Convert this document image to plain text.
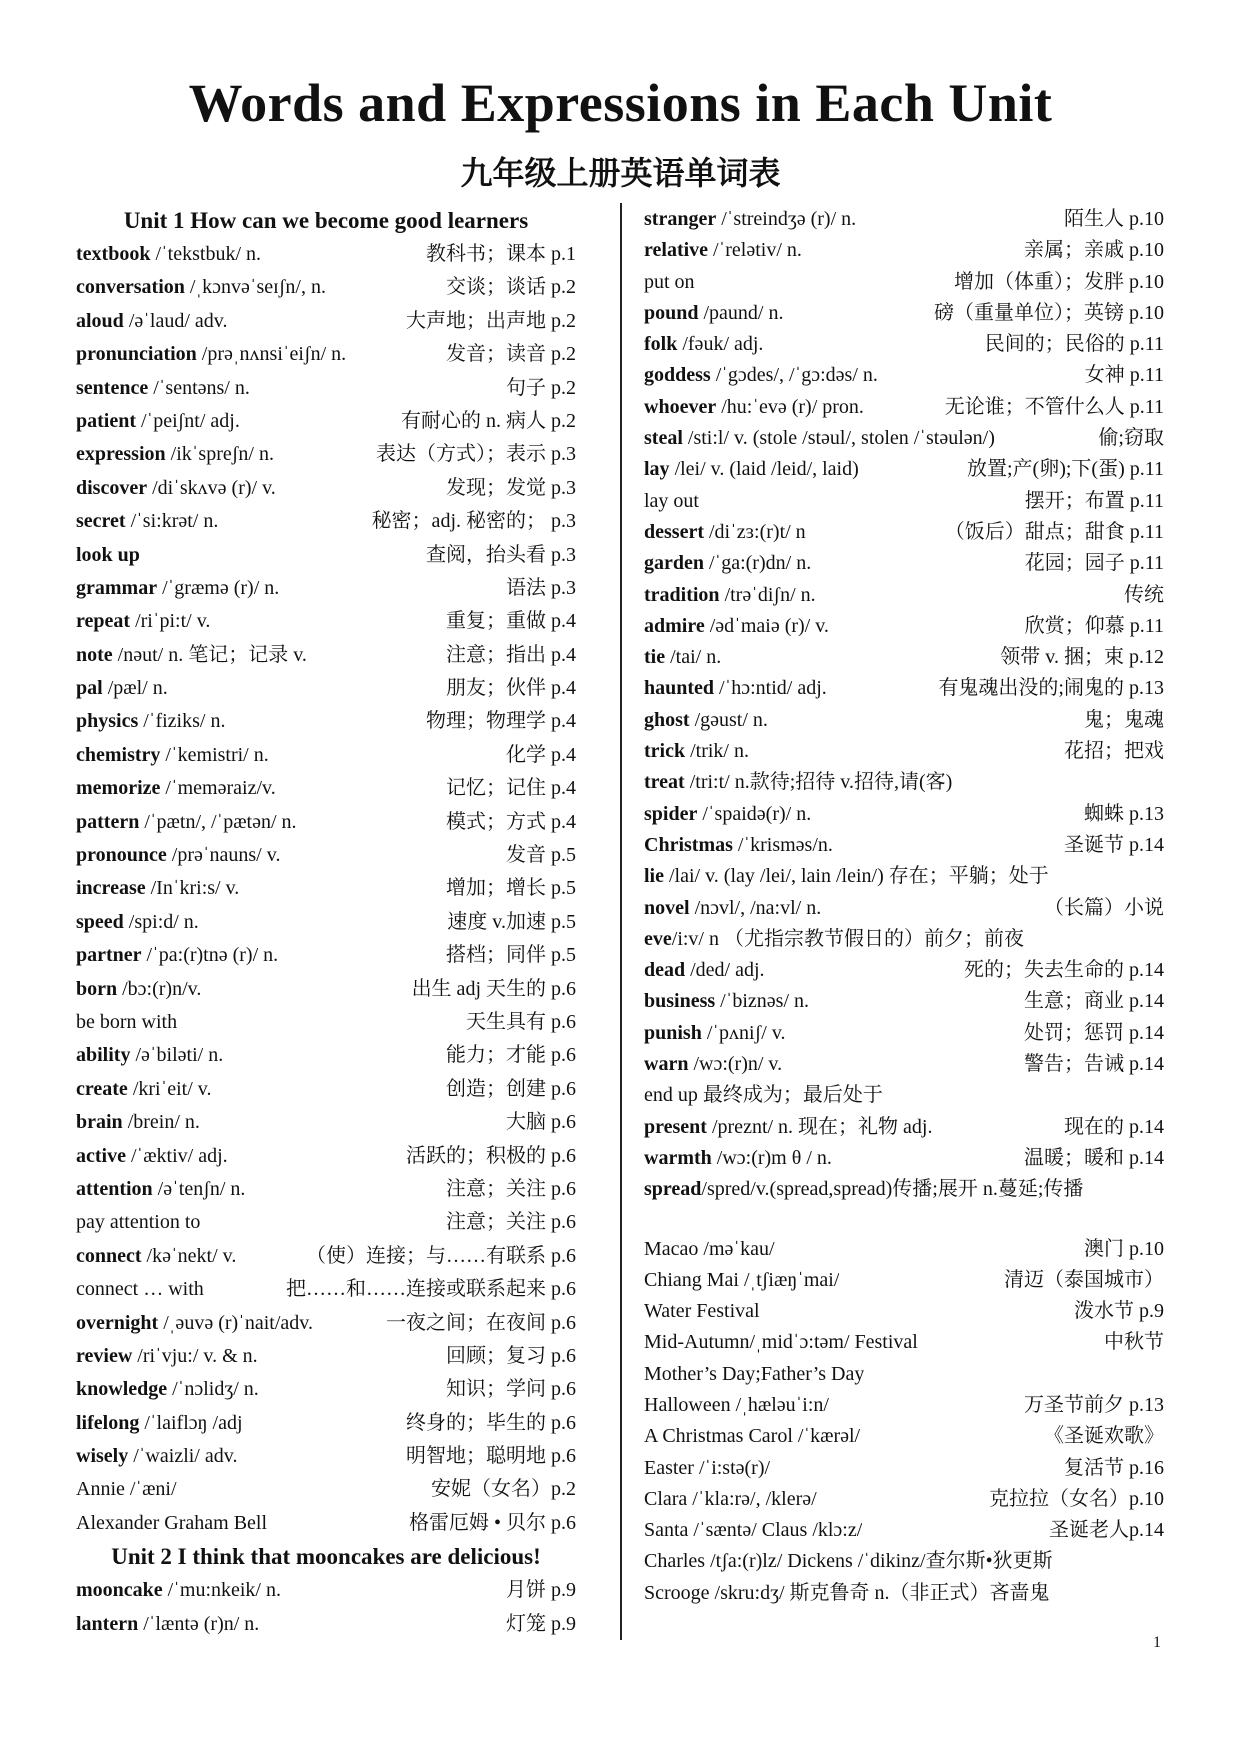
Words and Expressions in Each Unit
九年级上册英语单词表
Unit 1 How can we become good learners
textbook /ˈtekstbuk/ n.	教科书；课本 p.1
conversation /ˌkɔnvəˈseɪʃn/, n.	交谈；谈话 p.2
aloud /əˈlaud/ adv.	大声地；出声地 p.2
pronunciation /prəˌnʌnsiˈeiʃn/ n.	发音；读音 p.2
sentence /ˈsentəns/ n.	句子 p.2
patient /ˈpeiʃnt/ adj.	有耐心的 n. 病人 p.2
expression /ikˈspreʃn/ n.	表达（方式）；表示 p.3
discover /diˈskʌvə (r)/ v.	发现；发觉 p.3
secret /ˈsi:krət/ n.	秘密；adj. 秘密的； p.3
look up	查阅，抬头看 p.3
grammar /ˈgræmə (r)/ n.	语法 p.3
repeat /riˈpi:t/ v.	重复；重做 p.4
note /nəut/ n. 笔记；记录 v.	注意；指出 p.4
pal /pæl/ n.	朋友；伙伴 p.4
physics /ˈfiziks/ n.	物理；物理学 p.4
chemistry /ˈkemistri/ n.	化学 p.4
memorize /ˈmeməraiz/v.	记忆；记住 p.4
pattern /ˈpætn/, /ˈpætən/ n.	模式；方式 p.4
pronounce /prəˈnauns/ v.	发音 p.5
increase /Inˈkri:s/ v.	增加；增长 p.5
speed /spi:d/ n.	速度 v.加速 p.5
partner /ˈpa:(r)tnə (r)/ n.	搭档；同伴 p.5
born /bɔ:(r)n/v.	出生 adj 天生的 p.6
be born with	天生具有 p.6
ability /əˈbiləti/ n.	能力；才能 p.6
create /kriˈeit/ v.	创造；创建 p.6
brain /brein/ n.	大脑 p.6
active /ˈæktiv/ adj.	活跃的；积极的 p.6
attention /əˈtenʃn/ n.	注意；关注 p.6
pay attention to	注意；关注 p.6
connect /kəˈnekt/ v.	（使）连接；与……有联系 p.6
connect … with	把……和……连接或联系起来 p.6
overnight /ˌəuvə (r)ˈnait/adv.	一夜之间；在夜间 p.6
review /riˈvju:/ v. & n.	回顾；复习 p.6
knowledge /ˈnɔlidʒ/ n.	知识；学问 p.6
lifelong /ˈlaiflɔŋ /adj	终身的；毕生的 p.6
wisely /ˈwaizli/ adv.	明智地；聪明地 p.6
Annie /ˈæni/	安妮（女名）p.2
Alexander Graham Bell	格雷厄姆 • 贝尔 p.6
Unit 2 I think that mooncakes are delicious!
mooncake /ˈmu:nkeik/ n.	月饼 p.9
lantern /ˈlæntə (r)n/ n.	灯笼 p.9
stranger /ˈstreindʒə (r)/ n.	陌生人 p.10
relative /ˈrelətiv/ n.	亲属；亲戚 p.10
put on	增加（体重）；发胖 p.10
pound /paund/ n.	磅（重量单位）；英镑 p.10
folk /fəuk/ adj.	民间的；民俗的 p.11
goddess /ˈgɔdes/, /ˈgɔ:dəs/ n.	女神 p.11
whoever /hu:ˈevə (r)/ pron.	无论谁；不管什么人 p.11
steal /sti:l/ v. (stole /stəul/, stolen /ˈstəulən/)	偷;窃取
lay /lei/ v. (laid /leid/, laid)	放置;产(卵);下(蛋) p.11
lay out	摆开；布置 p.11
dessert /diˈzɜ:(r)t/ n	（饭后）甜点；甜食 p.11
garden /ˈga:(r)dn/ n.	花园；园子 p.11
tradition /trəˈdiʃn/ n.	传统
admire /ədˈmaiə (r)/ v.	欣赏；仰慕 p.11
tie /tai/ n.	领带 v. 捆；束 p.12
haunted /ˈhɔ:ntid/ adj.	有鬼魂出没的;闹鬼的 p.13
ghost /gəust/ n.	鬼；鬼魂
trick /trik/ n.	花招；把戏
treat /tri:t/ n.款待;招待 v.招待,请(客)
spider /ˈspaidə(r)/ n.	蜘蛛 p.13
Christmas /ˈkrisməs/n.	圣诞节 p.14
lie /lai/ v. (lay /lei/, lain /lein/) 存在；平躺；处于
novel /nɔvl/, /na:vl/ n.	（长篇）小说
eve/i:v/ n （尤指宗教节假日的）前夕；前夜
dead /ded/ adj.	死的；失去生命的 p.14
business /ˈbiznəs/ n.	生意；商业 p.14
punish /ˈpʌniʃ/ v.	处罚；惩罚 p.14
warn /wɔ:(r)n/ v.	警告；告诫 p.14
end up 最终成为；最后处于
present /preznt/ n. 现在；礼物 adj.	现在的 p.14
warmth /wɔ:(r)m θ / n.	温暖；暖和 p.14
spread/spred/v.(spread,spread)传播;展开 n.蔓延;传播
Macao /məˈkau/	澳门 p.10
Chiang Mai /ˌtʃiæŋˈmai/	清迈（泰国城市）
Water Festival	泼水节 p.9
Mid-Autumn/ˌmidˈɔ:təm/ Festival	中秋节
Mother’s Day;Father’s Day
Halloween /ˌhæləuˈi:n/	万圣节前夕 p.13
A Christmas Carol /ˈkærəl/	《圣诞欢歌》
Easter /ˈi:stə(r)/	复活节 p.16
Clara /ˈkla:rə/, /klerə/	克拉拉（女名）p.10
Santa /ˈsæntə/ Claus /klɔ:z/	圣诞老人p.14
Charles /tʃa:(r)lz/ Dickens /ˈdikinz/查尔斯•狄更斯
Scrooge /skru:dʒ/ 斯克鲁奇 n.（非正式）吝啬鬼
1
